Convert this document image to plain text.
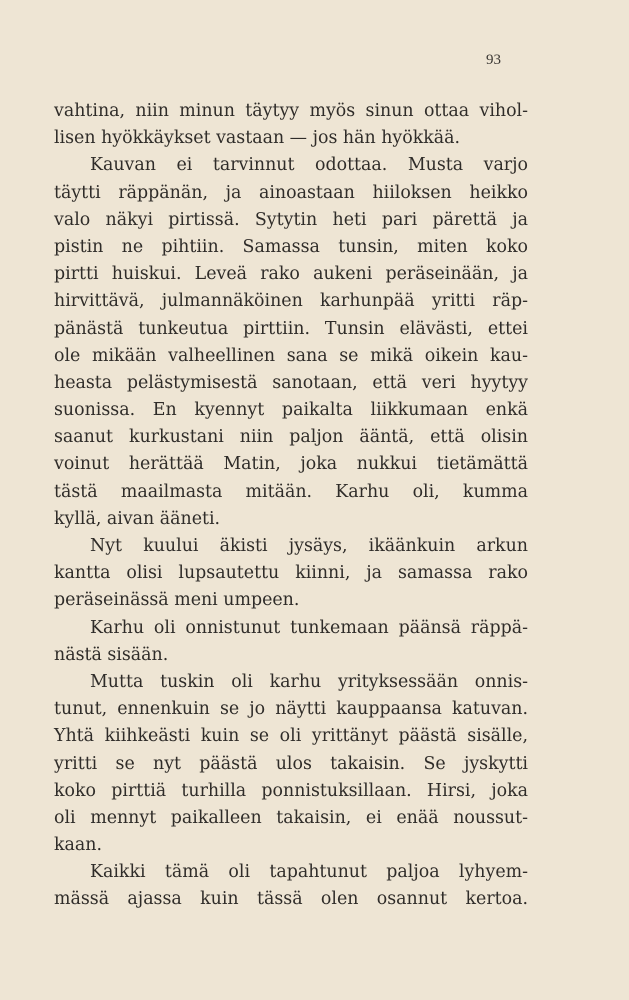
93
vahtina, niin minun täytyy myös sinun ottaa vihol-
lisen hyökkäykset vastaan — jos hän hyökkää.
Kauvan ei tarvinnut odottaa. Musta varjo
täytti räppänän, ja ainoastaan hiiloksen heikko
valo näkyi pirtissä. Sytytin heti pari pärettä ja
pistin ne pihtiin. Samassa tunsin, miten koko
pirtti huiskui. Leveä rako aukeni peräseinään, ja
hirvittävä, julmannäköinen karhunpää yritti räp-
pänästä tunkeutua pirttiin. Tunsin elävästi, ettei
ole mikään valheellinen sana se mikä oikein kau-
heasta pelästymisestä sanotaan, että veri hyytyy
suonissa. En kyennyt paikalta liikkumaan enkä
saanut kurkustani niin paljon ääntä, että olisin
voinut herättää Matin, joka nukkui tietämättä
tästä maailmasta mitään. Karhu oli, kumma
kyllä, aivan ääneti.
Nyt kuului äkisti jysäys, ikäänkuin arkun
kantta olisi lupsautettu kiinni, ja samassa rako
peräseinässä meni umpeen.
Karhu oli onnistunut tunkemaan päänsä räppä-
nästä sisään.
Mutta tuskin oli karhu yrityksessään onnis-
tunut, ennenkuin se jo näytti kauppaansa katuvan.
Yhtä kiihkeästi kuin se oli yrittänyt päästä sisälle,
yritti se nyt päästä ulos takaisin. Se jyskytti
koko pirttiä turhilla ponnistuksillaan. Hirsi, joka
oli mennyt paikalleen takaisin, ei enää noussut-
kaan.
Kaikki tämä oli tapahtunut paljoa lyhyem-
mässä ajassa kuin tässä olen osannut kertoa.
